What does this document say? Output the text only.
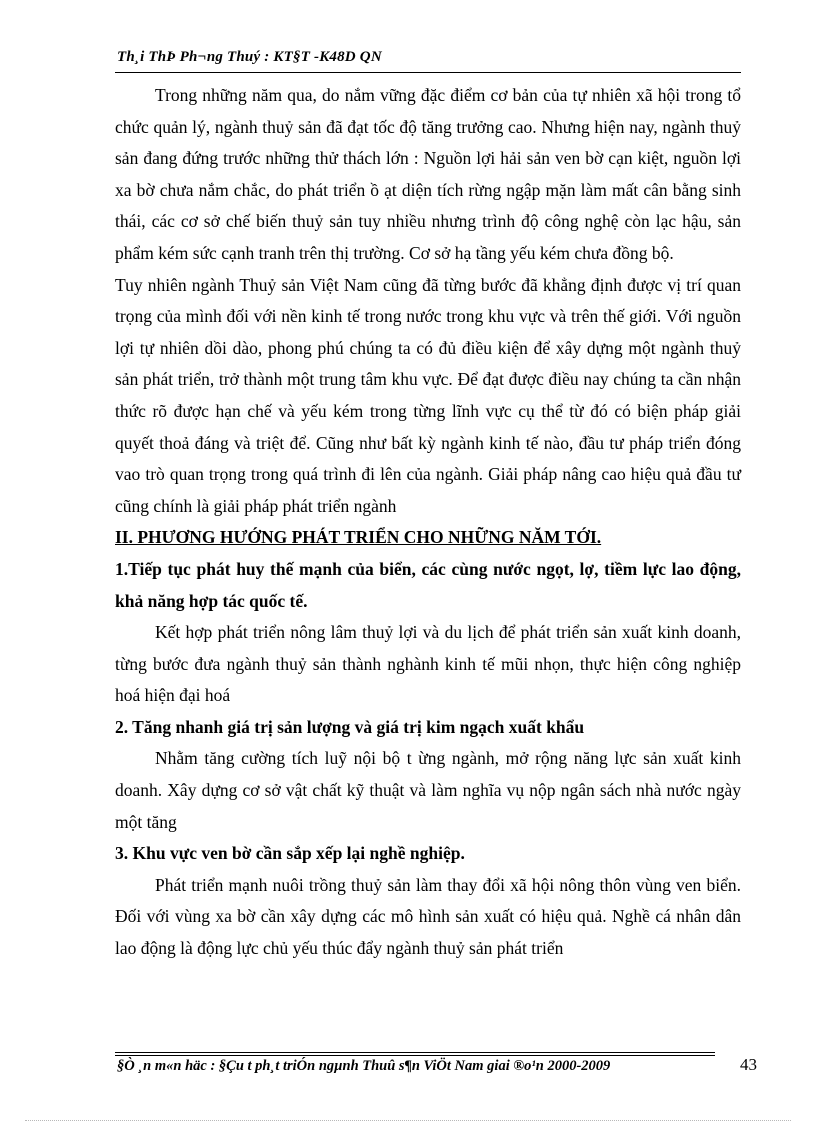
Th¸i ThÞ Ph¬ng Thuý : KT§T -K48D QN

Trong những năm qua, do nắm vững đặc điểm cơ bản của tự nhiên xã hội trong tổ chức quản lý, ngành thuỷ sản đã đạt tốc độ tăng trưởng cao. Nhưng hiện nay, ngành thuỷ sản đang đứng trước những thử thách lớn : Nguồn lợi hải sản ven bờ cạn kiệt, nguồn lợi xa bờ chưa nắm chắc, do phát triển ồ ạt diện tích rừng ngập mặn làm mất cân bằng sinh thái, các cơ sở chế biến thuỷ sản tuy nhiều nhưng trình độ công nghệ còn lạc hậu, sản phẩm kém sức cạnh tranh trên thị trường. Cơ sở hạ tầng yếu kém chưa đồng bộ.

Tuy nhiên ngành Thuỷ sản Việt Nam cũng đã từng bước đã khẳng định được vị trí quan trọng của mình đối với nền kinh tế trong nước trong khu vực và trên thế giới. Với nguồn lợi tự nhiên dồi dào, phong phú chúng ta có đủ điều kiện để xây dựng một ngành thuỷ sản phát triển, trở thành một trung tâm khu vực. Để đạt được điều nay chúng ta cần nhận thức rõ được hạn chế và yếu kém trong từng lĩnh vực cụ thể từ đó có biện pháp giải quyết thoả đáng và triệt để. Cũng như bất kỳ ngành kinh tế nào, đầu tư pháp triển đóng vao trò quan trọng trong quá trình đi lên của ngành. Giải pháp nâng cao hiệu quả đầu tư cũng chính là giải pháp phát triển ngành

II. PHƯƠNG HƯỚNG PHÁT TRIỂN CHO NHỮNG NĂM TỚI.

1.Tiếp tục phát huy thế mạnh của biển, các cùng nước ngọt, lợ, tiềm lực lao động, khả năng hợp tác quốc tế.

Kết hợp phát triển nông lâm thuỷ lợi và du lịch để phát triển sản xuất kinh doanh, từng bước đưa ngành thuỷ sản thành nghành kinh tế mũi nhọn, thực hiện công nghiệp hoá hiện đại hoá

2. Tăng nhanh giá trị sản lượng và giá trị kim ngạch xuất khẩu

Nhằm tăng cường tích luỹ nội bộ t ừng ngành, mở rộng năng lực sản xuất kinh doanh. Xây dựng cơ sở vật chất kỹ thuật và làm nghĩa vụ nộp ngân sách nhà nước ngày một tăng

3. Khu vực ven bờ cần sắp xếp lại nghề nghiệp.

Phát triển mạnh nuôi trồng thuỷ sản làm thay đổi xã hội nông thôn vùng ven biển. Đối với vùng xa bờ cần xây dựng các mô hình sản xuất có hiệu quả. Nghề cá nhân dân lao động là động lực chủ yếu thúc đẩy ngành thuỷ sản phát triển

§Ò ¸n m«n häc : §Çu t ph¸t triÓn ngµnh Thuû s¶n ViÖt Nam giai ®o¹n 2000-2009	43
